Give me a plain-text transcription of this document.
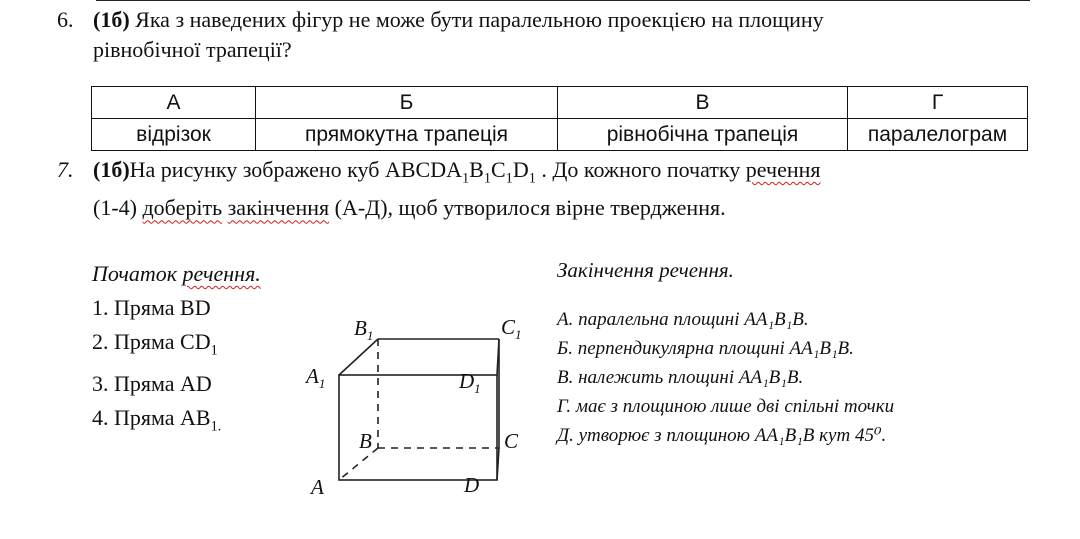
6. (1б) Яка з наведених фігур не може бути паралельною проекцією на площину
рівнобічної трапеції?
А	Б	В	Г
відрізок	прямокутна трапеція	рівнобічна трапеція	паралелограм
7. (1б)На рисунку зображено куб $ABCDA_1B_1C_1D_1$ . До кожного початку речення
(1-4) доберіть закінчення (А-Д), щоб утворилося вірне твердження.
Початок речення.
1. Пряма BD
2. Пряма $CD_1$
3. Пряма AD
4. Пряма $AB_{1.}$
$B_1$	$C_1$
$A_1$	$D_1$
B	C
A	D
Закінчення речення.
А. паралельна площині АА₁В₁В.
Б. перпендикулярна площині АА₁В₁В.
В. належить площині АА₁В₁В.
Г. має з площиною лише дві спільні точки
Д. утворює з площиною АА₁В₁В кут 45⁰.
